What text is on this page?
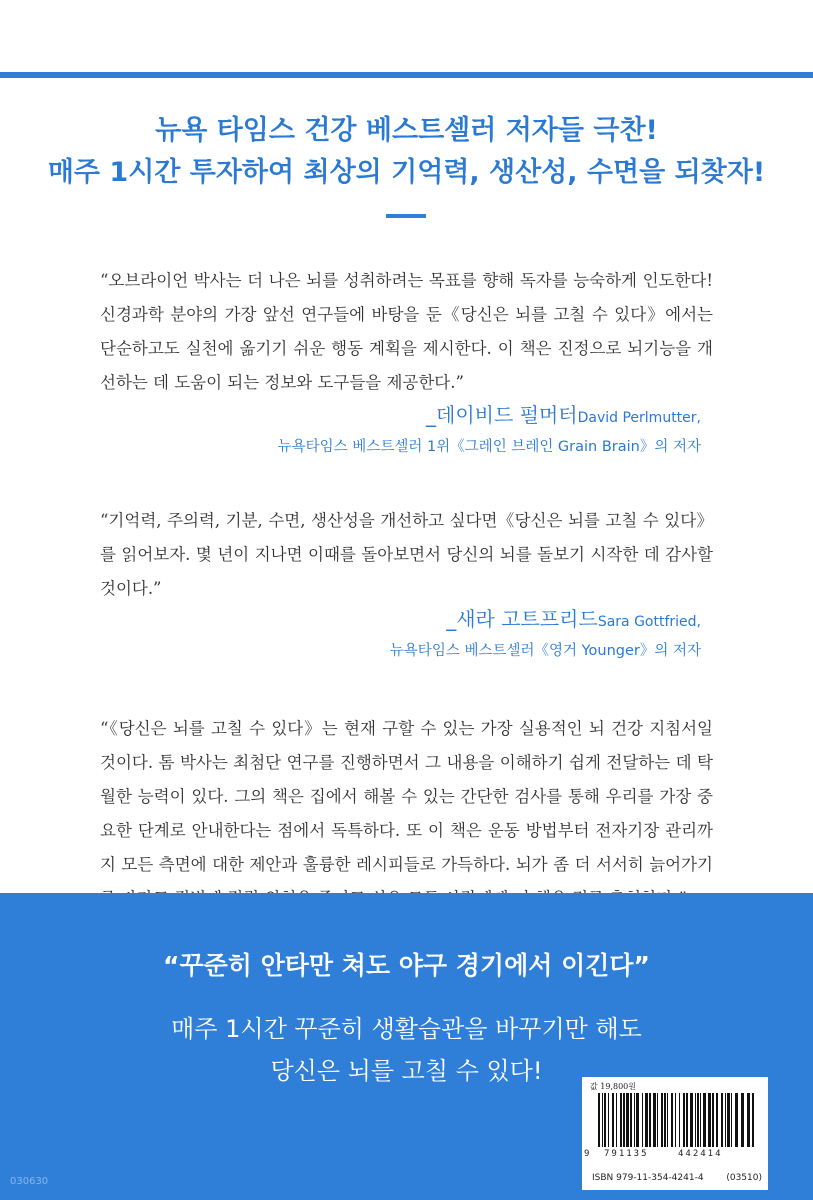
뉴욕 타임스 건강 베스트셀러 저자들 극찬!
매주 1시간 투자하여 최상의 기억력, 생산성, 수면을 되찾자!

“오브라이언 박사는 더 나은 뇌를 성취하려는 목표를 향해 독자를 능숙하게 인도한다! 신경과학 분야의 가장 앞선 연구들에 바탕을 둔《당신은 뇌를 고칠 수 있다》에서는 단순하고도 실천에 옮기기 쉬운 행동 계획을 제시한다. 이 책은 진정으로 뇌기능을 개선하는 데 도움이 되는 정보와 도구들을 제공한다.”

_데이비드 펄머터David Perlmutter,
뉴욕타임스 베스트셀러 1위《그레인 브레인 Grain Brain》의 저자

“기억력, 주의력, 기분, 수면, 생산성을 개선하고 싶다면《당신은 뇌를 고칠 수 있다》를 읽어보자. 몇 년이 지나면 이때를 돌아보면서 당신의 뇌를 돌보기 시작한 데 감사할 것이다.”

_새라 고트프리드Sara Gottfried,
뉴욕타임스 베스트셀러《영거 Younger》의 저자

“《당신은 뇌를 고칠 수 있다》는 현재 구할 수 있는 가장 실용적인 뇌 건강 지침서일 것이다. 톰 박사는 최첨단 연구를 진행하면서 그 내용을 이해하기 쉽게 전달하는 데 탁월한 능력이 있다. 그의 책은 집에서 해볼 수 있는 간단한 검사를 통해 우리를 가장 중요한 단계로 안내한다는 점에서 독특하다. 또 이 책은 운동 방법부터 전자기장 관리까지 모든 측면에 대한 제안과 훌륭한 레시피들로 가득하다. 뇌가 좀 더 서서히 늙어가기

“꾸준히 안타만 쳐도 야구 경기에서 이긴다”
매주 1시간 꾸준히 생활습관을 바꾸기만 해도
당신은 뇌를 고칠 수 있다!
값 19,800원
9 791135	442414
ISBN 979-11-354-4241-4	(03510)
030630
